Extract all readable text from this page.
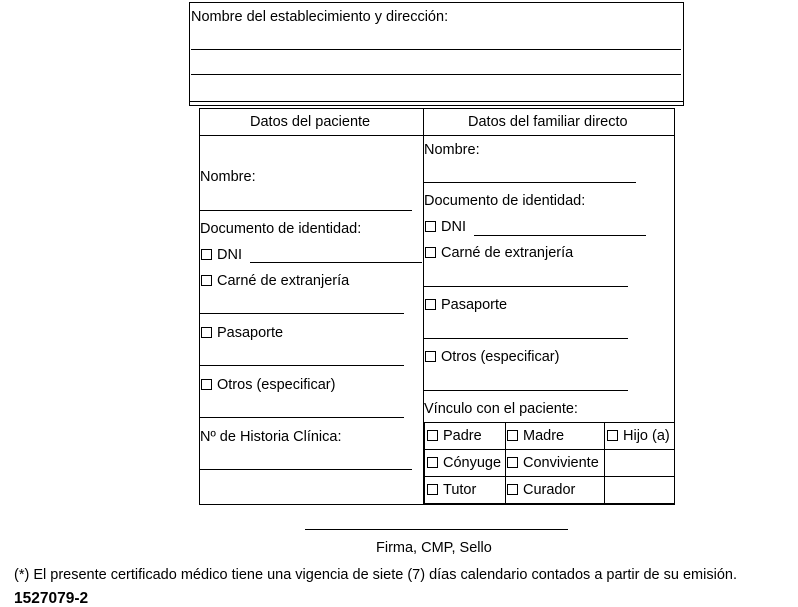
Nombre del establecimiento y dirección:
Datos del paciente	Datos del familiar directo
Nombre:
Documento de identidad:
DNI
Carné de extranjería
Pasaporte
Otros (especificar)
Nº de Historia Clínica:
Nombre:
Documento de identidad:
DNI
Carné de extranjería
Pasaporte
Otros (especificar)
Vínculo con el paciente:
Padre	Madre	Hijo (a)
Cónyuge	Conviviente
Tutor	Curador
Firma, CMP, Sello
(*) El presente certificado médico tiene una vigencia de siete (7) días calendario contados a partir de su emisión.
1527079-2
